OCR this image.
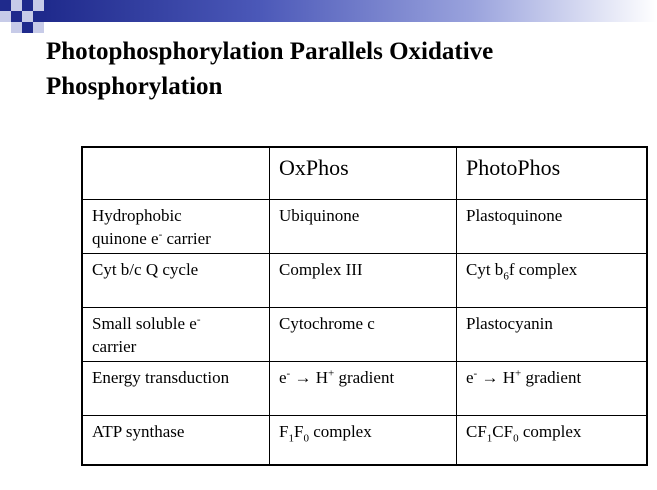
Photophosphorylation Parallels Oxidative
Phosphorylation
	OxPhos	PhotoPhos
Hydrophobic
quinone e- carrier	Ubiquinone	Plastoquinone
Cyt b/c Q cycle	Complex III	Cyt $b_6f$ complex
Small soluble e-
carrier	Cytochrome c	Plastocyanin
Energy transduction	e- → H+ gradient	e- → H+ gradient
ATP synthase	$F_1F_0$ complex	$CF_1CF_0$ complex
